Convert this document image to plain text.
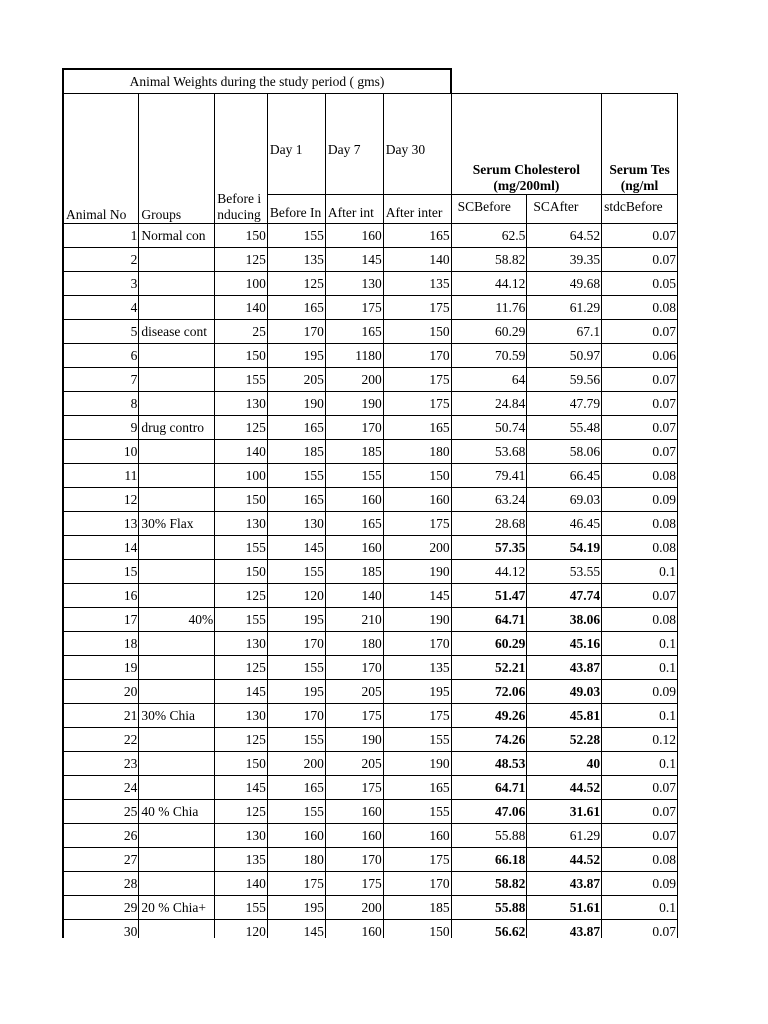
Animal Weights during the study period ( gms)								
Animal No	Groups	Before inducing	Day 1	Day 7	Day 30	Serum Cholesterol (mg/200ml)		Serum Tes (ng/ml
			Before In	After int	After inter	SCBefore	SCAfter	stdcBefore
1	Normal con	150	155	160	165	62.5	64.52	0.07
2		125	135	145	140	58.82	39.35	0.07
3		100	125	130	135	44.12	49.68	0.05
4		140	165	175	175	11.76	61.29	0.08
5	disease cont	25	170	165	150	60.29	67.1	0.07
6		150	195	1180	170	70.59	50.97	0.06
7		155	205	200	175	64	59.56	0.07
8		130	190	190	175	24.84	47.79	0.07
9	drug contro	125	165	170	165	50.74	55.48	0.07
10		140	185	185	180	53.68	58.06	0.07
11		100	155	155	150	79.41	66.45	0.08
12		150	165	160	160	63.24	69.03	0.09
13	30% Flax	130	130	165	175	28.68	46.45	0.08
14		155	145	160	200	57.35	54.19	0.08
15		150	155	185	190	44.12	53.55	0.1
16		125	120	140	145	51.47	47.74	0.07
17	40%	155	195	210	190	64.71	38.06	0.08
18		130	170	180	170	60.29	45.16	0.1
19		125	155	170	135	52.21	43.87	0.1
20		145	195	205	195	72.06	49.03	0.09
21	30% Chia	130	170	175	175	49.26	45.81	0.1
22		125	155	190	155	74.26	52.28	0.12
23		150	200	205	190	48.53	40	0.1
24		145	165	175	165	64.71	44.52	0.07
25	40 % Chia	125	155	160	155	47.06	31.61	0.07
26		130	160	160	160	55.88	61.29	0.07
27		135	180	170	175	66.18	44.52	0.08
28		140	175	175	170	58.82	43.87	0.09
29	20 % Chia+	155	195	200	185	55.88	51.61	0.1
30		120	145	160	150	56.62	43.87	0.07
